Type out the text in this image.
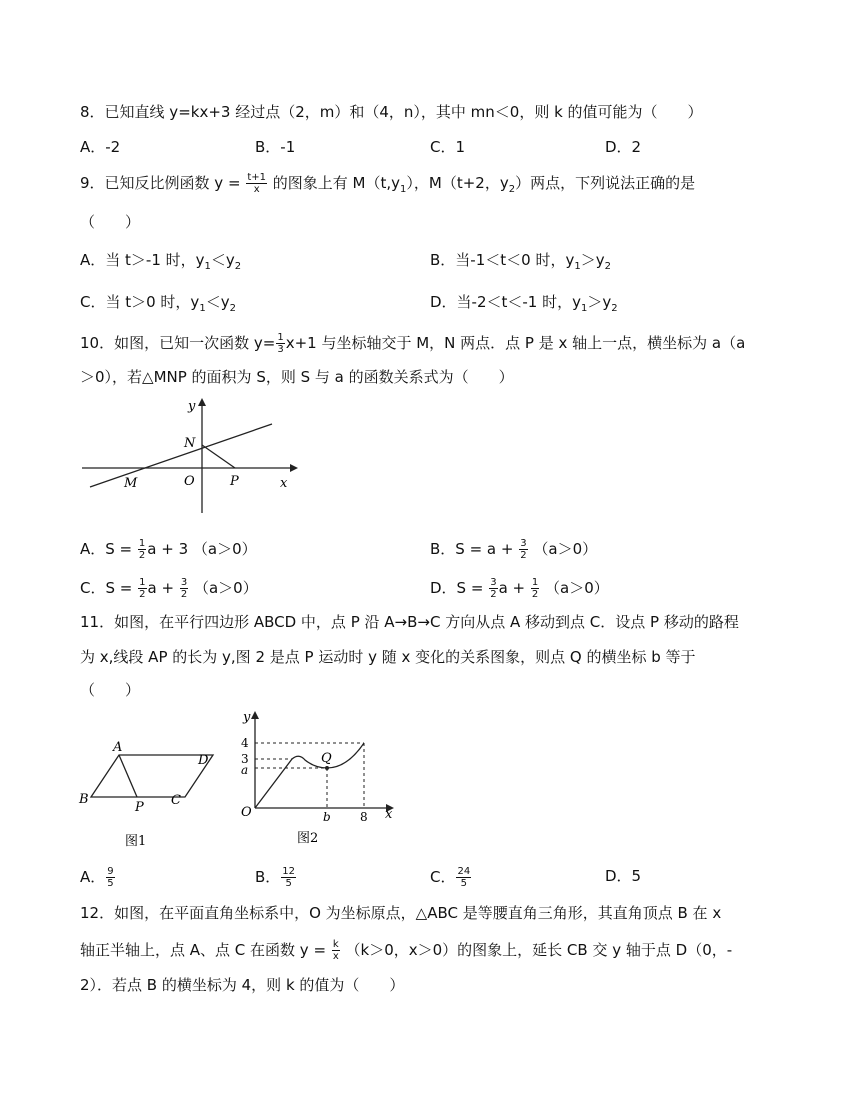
8．已知直线 y=kx+3 经过点（2，m）和（4，n），其中 mn＜0，则 k 的值可能为（　　）
A．-2	B．-1	C．1	D．2
9．已知反比例函数 $y = \frac{t+1}{x}$ 的图象上有 $M(t,y_1)$，M（t+2，$y_2$）两点，下列说法正确的是
（　　）
A．当 t＞-1 时，$y_1<y_2$	B．当-1＜t＜0 时，$y_1>y_2$
C．当 t＞0 时，$y_1<y_2$	D．当-2＜t＜-1 时，$y_1>y_2$
10．如图，已知一次函数 $y= \frac{1}{3} x+1$ 与坐标轴交于 M，N 两点．点 P 是 x 轴上一点，横坐标为 a（a
＞0），若△MNP 的面积为 S，则 S 与 a 的函数关系式为（　　）
y
x
N
M	O	P
A．$S = \frac{1}{2}$ a + 3 （a＞0）	B．$S = a + \frac{3}{2} (a>0)$
C．$S = \frac{1}{2}$ $a + \frac{3}{2} (a>0)$	D．$S = \frac{3}{2}$ $a + \frac{1}{2} (a>0)$
11．如图，在平行四边形 ABCD 中，点 P 沿 A→B→C 方向从点 A 移动到点 C．设点 P 移动的路程
为 x,线段 AP 的长为 y,图 2 是点 P 运动时 y 随 x 变化的关系图象，则点 Q 的横坐标 b 等于
（　　）
A
D
B
P C
图1
y
4
3
a
Q
O	b 8 x
图2
A． $\frac{9}{5}$	B． $\frac{12}{5}$	C． $\frac{24}{5}$	D．5
12．如图，在平面直角坐标系中，O 为坐标原点，△ABC 是等腰直角三角形，其直角顶点 B 在 x
轴正半轴上，点 A、点 C 在函数 $y = \frac{k}{x} (k>0$，x＞0）的图象上，延长 CB 交 y 轴于点 D（0，-
2）．若点 B 的横坐标为 4，则 k 的值为（　　）
